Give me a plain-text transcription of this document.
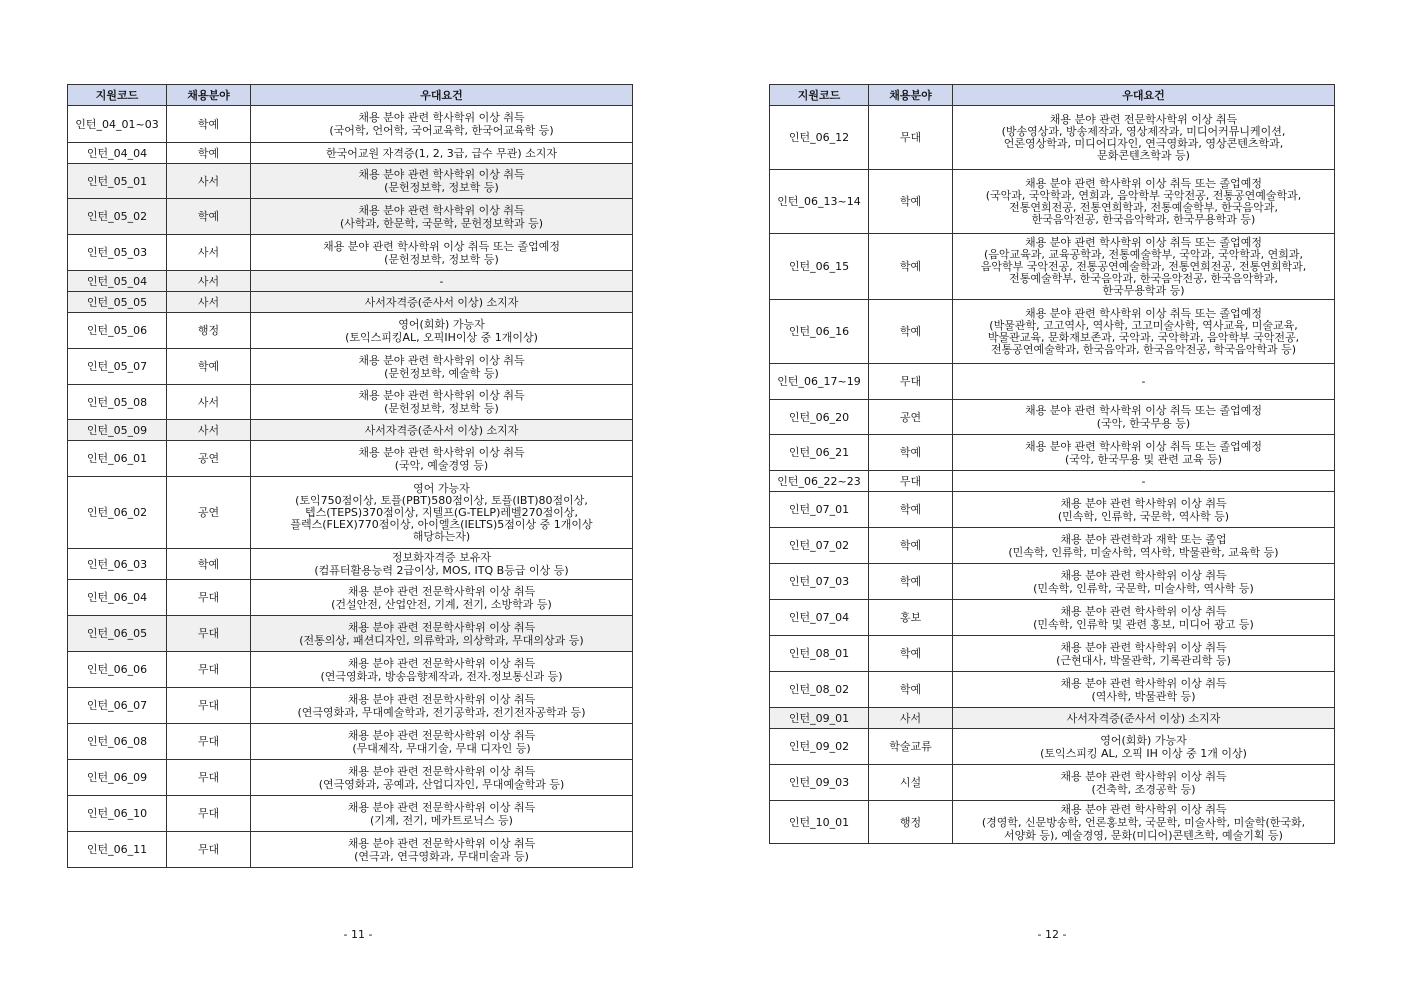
지원코드	채용분야	우대요건
인턴_04_01~03	학예	채용 분야 관련 학사학위 이상 취득
(국어학, 언어학, 국어교육학, 한국어교육학 등)
인턴_04_04	학예	한국어교원 자격증(1, 2, 3급, 급수 무관) 소지자
인턴_05_01	사서	채용 분야 관련 학사학위 이상 취득
(문헌정보학, 정보학 등)
인턴_05_02	학예	채용 분야 관련 학사학위 이상 취득
(사학과, 한문학, 국문학, 문헌정보학과 등)
인턴_05_03	사서	채용 분야 관련 학사학위 이상 취득 또는 졸업예정
(문헌정보학, 정보학 등)
인턴_05_04	사서	-
인턴_05_05	사서	사서자격증(준사서 이상) 소지자
인턴_05_06	행정	영어(회화) 가능자
(토익스피킹AL, 오픽IH이상 중 1개이상)
인턴_05_07	학예	채용 분야 관련 학사학위 이상 취득
(문헌정보학, 예술학 등)
인턴_05_08	사서	채용 분야 관련 학사학위 이상 취득
(문헌정보학, 정보학 등)
인턴_05_09	사서	사서자격증(준사서 이상) 소지자
인턴_06_01	공연	채용 분야 관련 학사학위 이상 취득
(국악, 예술경영 등)
인턴_06_02	공연	영어 가능자
(토익750점이상, 토플(PBT)580점이상, 토플(IBT)80점이상,
텝스(TEPS)370점이상, 지텔프(G-TELP)레벨270점이상,
플렉스(FLEX)770점이상, 아이엘츠(IELTS)5점이상 중 1개이상
해당하는자)
인턴_06_03	학예	정보화자격증 보유자
(컴퓨터활용능력 2급이상, MOS, ITQ B등급 이상 등)
인턴_06_04	무대	채용 분야 관련 전문학사학위 이상 취득
(건설안전, 산업안전, 기계, 전기, 소방학과 등)
인턴_06_05	무대	채용 분야 관련 전문학사학위 이상 취득
(전통의상, 패션디자인, 의류학과, 의상학과, 무대의상과 등)
인턴_06_06	무대	채용 분야 관련 전문학사학위 이상 취득
(연극영화과, 방송음향제작과, 전자.정보통신과 등)
인턴_06_07	무대	채용 분야 관련 전문학사학위 이상 취득
(연극영화과, 무대예술학과, 전기공학과, 전기전자공학과 등)
인턴_06_08	무대	채용 분야 관련 전문학사학위 이상 취득
(무대제작, 무대기술, 무대 디자인 등)
인턴_06_09	무대	채용 분야 관련 전문학사학위 이상 취득
(연극영화과, 공예과, 산업디자인, 무대예술학과 등)
인턴_06_10	무대	채용 분야 관련 전문학사학위 이상 취득
(기계, 전기, 메카트로닉스 등)
인턴_06_11	무대	채용 분야 관련 전문학사학위 이상 취득
(연극과, 연극영화과, 무대미술과 등)
지원코드	채용분야	우대요건
인턴_06_12	무대	채용 분야 관련 전문학사학위 이상 취득
(방송영상과, 방송제작과, 영상제작과, 미디어커뮤니케이션,
언론영상학과, 미디어디자인, 연극영화과, 영상콘텐츠학과,
문화콘텐츠학과 등)
인턴_06_13~14	학예	채용 분야 관련 학사학위 이상 취득 또는 졸업예정
(국악과, 국악학과, 연희과, 음악학부 국악전공, 전통공연예술학과,
전통연희전공, 전통연희학과, 전통예술학부, 한국음악과,
한국음악전공, 한국음악학과, 한국무용학과 등)
인턴_06_15	학예	채용 분야 관련 학사학위 이상 취득 또는 졸업예정
(음악교육과, 교육공학과, 전통예술학부, 국악과, 국악학과, 연희과,
음악학부 국악전공, 전통공연예술학과, 전통연희전공, 전통연희학과,
전통예술학부, 한국음악과, 한국음악전공, 한국음악학과,
한국무용학과 등)
인턴_06_16	학예	채용 분야 관련 학사학위 이상 취득 또는 졸업예정
(박물관학, 고고역사, 역사학, 고고미술사학, 역사교육, 미술교육,
박물관교육, 문화재보존과, 국악과, 국악학과, 음악학부 국악전공,
전통공연예술학과, 한국음악과, 한국음악전공, 학국음악학과 등)
인턴_06_17~19	무대	-
인턴_06_20	공연	채용 분야 관련 학사학위 이상 취득 또는 졸업예정
(국악, 한국무용 등)
인턴_06_21	학예	채용 분야 관련 학사학위 이상 취득 또는 졸업예정
(국악, 한국무용 및 관련 교육 등)
인턴_06_22~23	무대	-
인턴_07_01	학예	채용 분야 관련 학사학위 이상 취득
(민속학, 인류학, 국문학, 역사학 등)
인턴_07_02	학예	채용 분야 관련학과 재학 또는 졸업
(민속학, 인류학, 미술사학, 역사학, 박물관학, 교육학 등)
인턴_07_03	학예	채용 분야 관련 학사학위 이상 취득
(민속학, 인류학, 국문학, 미술사학, 역사학 등)
인턴_07_04	홍보	채용 분야 관련 학사학위 이상 취득
(민속학, 인류학 및 관련 홍보, 미디어 광고 등)
인턴_08_01	학예	채용 분야 관련 학사학위 이상 취득
(근현대사, 박물관학, 기록관리학 등)
인턴_08_02	학예	채용 분야 관련 학사학위 이상 취득
(역사학, 박물관학 등)
인턴_09_01	사서	사서자격증(준사서 이상) 소지자
인턴_09_02	학술교류	영어(회화) 가능자
(토익스피킹 AL, 오픽 IH 이상 중 1개 이상)
인턴_09_03	시설	채용 분야 관련 학사학위 이상 취득
(건축학, 조경공학 등)
인턴_10_01	행정	채용 분야 관련 학사학위 이상 취득
(경영학, 신문방송학, 언론홍보학, 국문학, 미술사학, 미술학(한국화,
서양화 등), 예술경영, 문화(미디어)콘텐츠학, 예술기획 등)
- 11 -	- 12 -
